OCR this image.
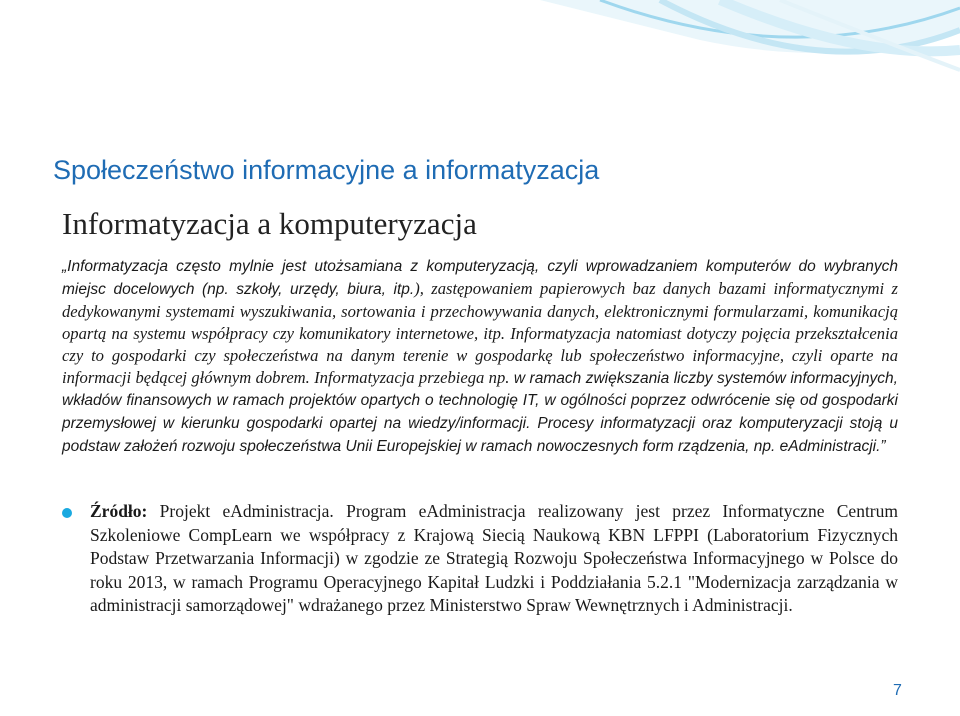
Społeczeństwo informacyjne a informatyzacja
Informatyzacja a komputeryzacja

„Informatyzacja często mylnie jest utożsamiana z komputeryzacją, czyli wprowadzaniem komputerów do wybranych miejsc docelowych (np. szkoły, urzędy, biura, itp.), zastępowaniem papierowych baz danych bazami informatycznymi z dedykowanymi systemami wyszukiwania, sortowania i przechowywania danych, elektronicznymi formularzami, komunikacją opartą na systemu współpracy czy komunikatory internetowe, itp. Informatyzacja natomiast dotyczy pojęcia przekształcenia czy to gospodarki czy społeczeństwa na danym terenie w gospodarkę lub społeczeństwo informacyjne, czyli oparte na informacji będącej głównym dobrem. Informatyzacja przebiega np. w ramach zwiększania liczby systemów informacyjnych, wkładów finansowych w ramach projektów opartych o technologię IT, w ogólności poprzez odwrócenie się od gospodarki przemysłowej w kierunku gospodarki opartej na wiedzy/informacji. Procesy informatyzacji oraz komputeryzacji stoją u podstaw założeń rozwoju społeczeństwa Unii Europejskiej w ramach nowoczesnych form rządzenia, np. eAdministracji.”

Źródło: Projekt eAdministracja. Program eAdministracja realizowany jest przez Informatyczne Centrum Szkoleniowe CompLearn we współpracy z Krajową Siecią Naukową KBN LFPPI (Laboratorium Fizycznych Podstaw Przetwarzania Informacji) w zgodzie ze Strategią Rozwoju Społeczeństwa Informacyjnego w Polsce do roku 2013, w ramach Programu Operacyjnego Kapitał Ludzki i Poddziałania 5.2.1 "Modernizacja zarządzania w administracji samorządowej" wdrażanego przez Ministerstwo Spraw Wewnętrznych i Administracji.

7
